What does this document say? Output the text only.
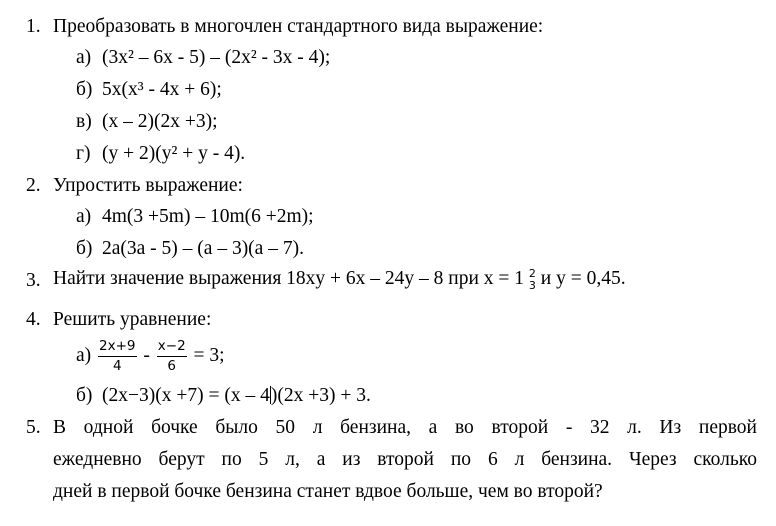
1. Преобразовать в многочлен стандартного вида выражение:
а) (3x² – 6x - 5) – (2x² - 3x - 4);
б) 5x(x³ - 4x + 6);
в) (x – 2)(2x +3);
г) (y + 2)(y² + y - 4).
2. Упростить выражение:
а) 4m(3 +5m) – 10m(6 +2m);
б) 2a(3a - 5) – (a – 3)(a – 7).
3. Найти значение выражения 18xy + 6x – 24y – 8 при x = 1 2
3 и y = 0,45.
4. Решить уравнение:
$а) \frac{2x+9}{4} - \frac{x-2}{6} = 3$;
б) (2x−3)(x +7) = (x – 4)(2x +3) + 3.
5. В одной бочке было 50 л бензина, а во второй - 32 л. Из первой
ежедневно берут по 5 л, а из второй по 6 л бензина. Через сколько
дней в первой бочке бензина станет вдвое больше, чем во второй?
